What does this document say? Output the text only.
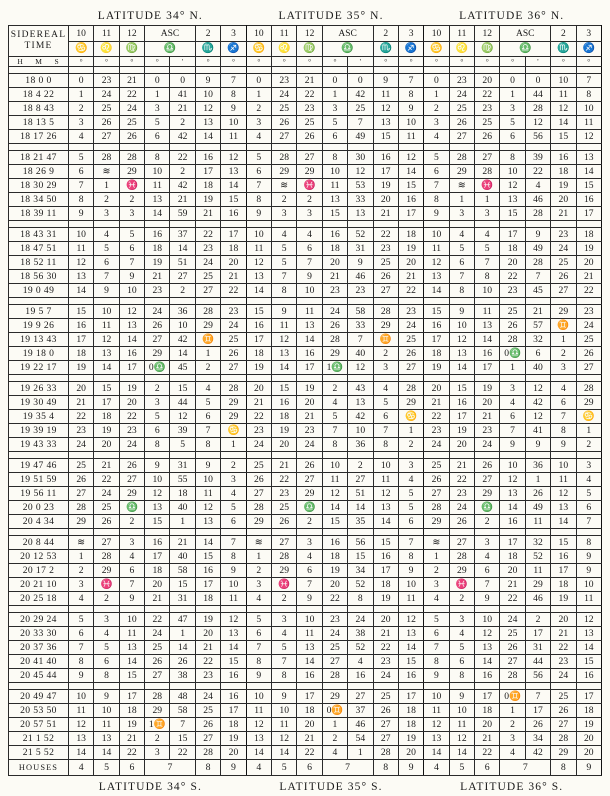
LATITUDE 34° N.	LATITUDE 35° N.	LATITUDE 36° N.
SIDEREAL
TIME	10	11	12	ASC		2	3	10	11	12	ASC		2	3	10	11	12	ASC		2	3
	♋	♌	♍	♎		♏	♐	♋	♌	♍	♎		♏	♐	♋	♌	♍	♎		♏	♐
H M S	°	°	°	°	'	°	°	°	°	°	°	'	°	°	°	°	°	°	'	°	°

18 0 0	0	23	21	0	0	9	7	0	23	21	0	0	9	7	0	23	20	0	0	10	7
18 4 22	1	24	22	1	41	10	8	1	24	22	1	42	11	8	1	24	22	1	44	11	8
18 8 43	2	25	24	3	21	12	9	2	25	23	3	25	12	9	2	25	23	3	28	12	10
18 13 5	3	26	25	5	2	13	10	3	26	25	5	7	13	10	3	26	25	5	12	14	11
18 17 26	4	27	26	6	42	14	11	4	27	26	6	49	15	11	4	27	26	6	56	15	12

18 21 47	5	28	28	8	22	16	12	5	28	27	8	30	16	12	5	28	27	8	39	16	13
18 26 9	6	≋	29	10	2	17	13	6	29	29	10	12	17	14	6	29	28	10	22	18	14
18 30 29	7	1	♓	11	42	18	14	7	≋	♓	11	53	19	15	7	≋	♓	12	4	19	15
18 34 50	8	2	2	13	21	19	15	8	2	2	13	33	20	16	8	1	1	13	46	20	16
18 39 11	9	3	3	14	59	21	16	9	3	3	15	13	21	17	9	3	3	15	28	21	17

18 43 31	10	4	5	16	37	22	17	10	4	4	16	52	22	18	10	4	4	17	9	23	18
18 47 51	11	5	6	18	14	23	18	11	5	6	18	31	23	19	11	5	5	18	49	24	19
18 52 11	12	6	7	19	51	24	20	12	5	7	20	9	25	20	12	6	7	20	28	25	20
18 56 30	13	7	9	21	27	25	21	13	7	9	21	46	26	21	13	7	8	22	7	26	21
19 0 49	14	9	10	23	2	27	22	14	8	10	23	23	27	22	14	8	10	23	45	27	22

19 5 7	15	10	12	24	36	28	23	15	9	11	24	58	28	23	15	9	11	25	21	29	23
19 9 26	16	11	13	26	10	29	24	16	11	13	26	33	29	24	16	10	13	26	57	♊	24
19 13 43	17	12	14	27	42	♊	25	17	12	14	28	7	♊	25	17	12	14	28	32	1	25
19 18 0	18	13	16	29	14	1	26	18	13	16	29	40	2	26	18	13	16	0♎	6	2	26
19 22 17	19	14	17	0♎	45	2	27	19	14	17	1♎	12	3	27	19	14	17	1	40	3	27

19 26 33	20	15	19	2	15	4	28	20	15	19	2	43	4	28	20	15	19	3	12	4	28
19 30 49	21	17	20	3	44	5	29	21	16	20	4	13	5	29	21	16	20	4	42	6	29
19 35 4	22	18	22	5	12	6	29	22	18	21	5	42	6	♋	22	17	21	6	12	7	♋
19 39 19	23	19	23	6	39	7	♋	23	19	23	7	10	7	1	23	19	23	7	41	8	1
19 43 33	24	20	24	8	5	8	1	24	20	24	8	36	8	2	24	20	24	9	9	9	2

19 47 46	25	21	26	9	31	9	2	25	21	26	10	2	10	3	25	21	26	10	36	10	3
19 51 59	26	22	27	10	55	10	3	26	22	27	11	27	11	4	26	22	27	12	1	11	4
19 56 11	27	24	29	12	18	11	4	27	23	29	12	51	12	5	27	23	29	13	26	12	5
20 0 23	28	25	♎	13	40	12	5	28	25	♎	14	14	13	5	28	24	♎	14	49	13	6
20 4 34	29	26	2	15	1	13	6	29	26	2	15	35	14	6	29	26	2	16	11	14	7

20 8 44	≋	27	3	16	21	14	7	≋	27	3	16	56	15	7	≋	27	3	17	32	15	8
20 12 53	1	28	4	17	40	15	8	1	28	4	18	15	16	8	1	28	4	18	52	16	9
20 17 2	2	29	6	18	58	16	9	2	29	6	19	34	17	9	2	29	6	20	11	17	9
20 21 10	3	♓	7	20	15	17	10	3	♓	7	20	52	18	10	3	♓	7	21	29	18	10
20 25 18	4	2	9	21	31	18	11	4	2	9	22	8	19	11	4	2	9	22	46	19	11

20 29 24	5	3	10	22	47	19	12	5	3	10	23	24	20	12	5	3	10	24	2	20	12
20 33 30	6	4	11	24	1	20	13	6	4	11	24	38	21	13	6	4	12	25	17	21	13
20 37 36	7	5	13	25	14	21	14	7	5	13	25	52	22	14	7	5	13	26	31	22	14
20 41 40	8	6	14	26	26	22	15	8	7	14	27	4	23	15	8	6	14	27	44	23	15
20 45 44	9	8	15	27	38	23	16	9	8	16	28	16	24	16	9	8	16	28	56	24	16

20 49 47	10	9	17	28	48	24	16	10	9	17	29	27	25	17	10	9	17	0♊	7	25	17
20 53 50	11	10	18	29	58	25	17	11	10	18	0♊	37	26	18	11	10	18	1	17	26	18
20 57 51	12	11	19	1♊	7	26	18	12	11	20	1	46	27	18	12	11	20	2	26	27	19
21 1 52	13	13	21	2	15	27	19	13	12	21	2	54	27	19	13	12	21	3	34	28	20
21 5 52	14	14	22	3	22	28	20	14	14	22	4	1	28	20	14	14	22	4	42	29	20
HOUSES	4	5	6	7		8	9	4	5	6	7		8	9	4	5	6	7		8	9
LATITUDE 34° S.	LATITUDE 35° S.	LATITUDE 36° S.
